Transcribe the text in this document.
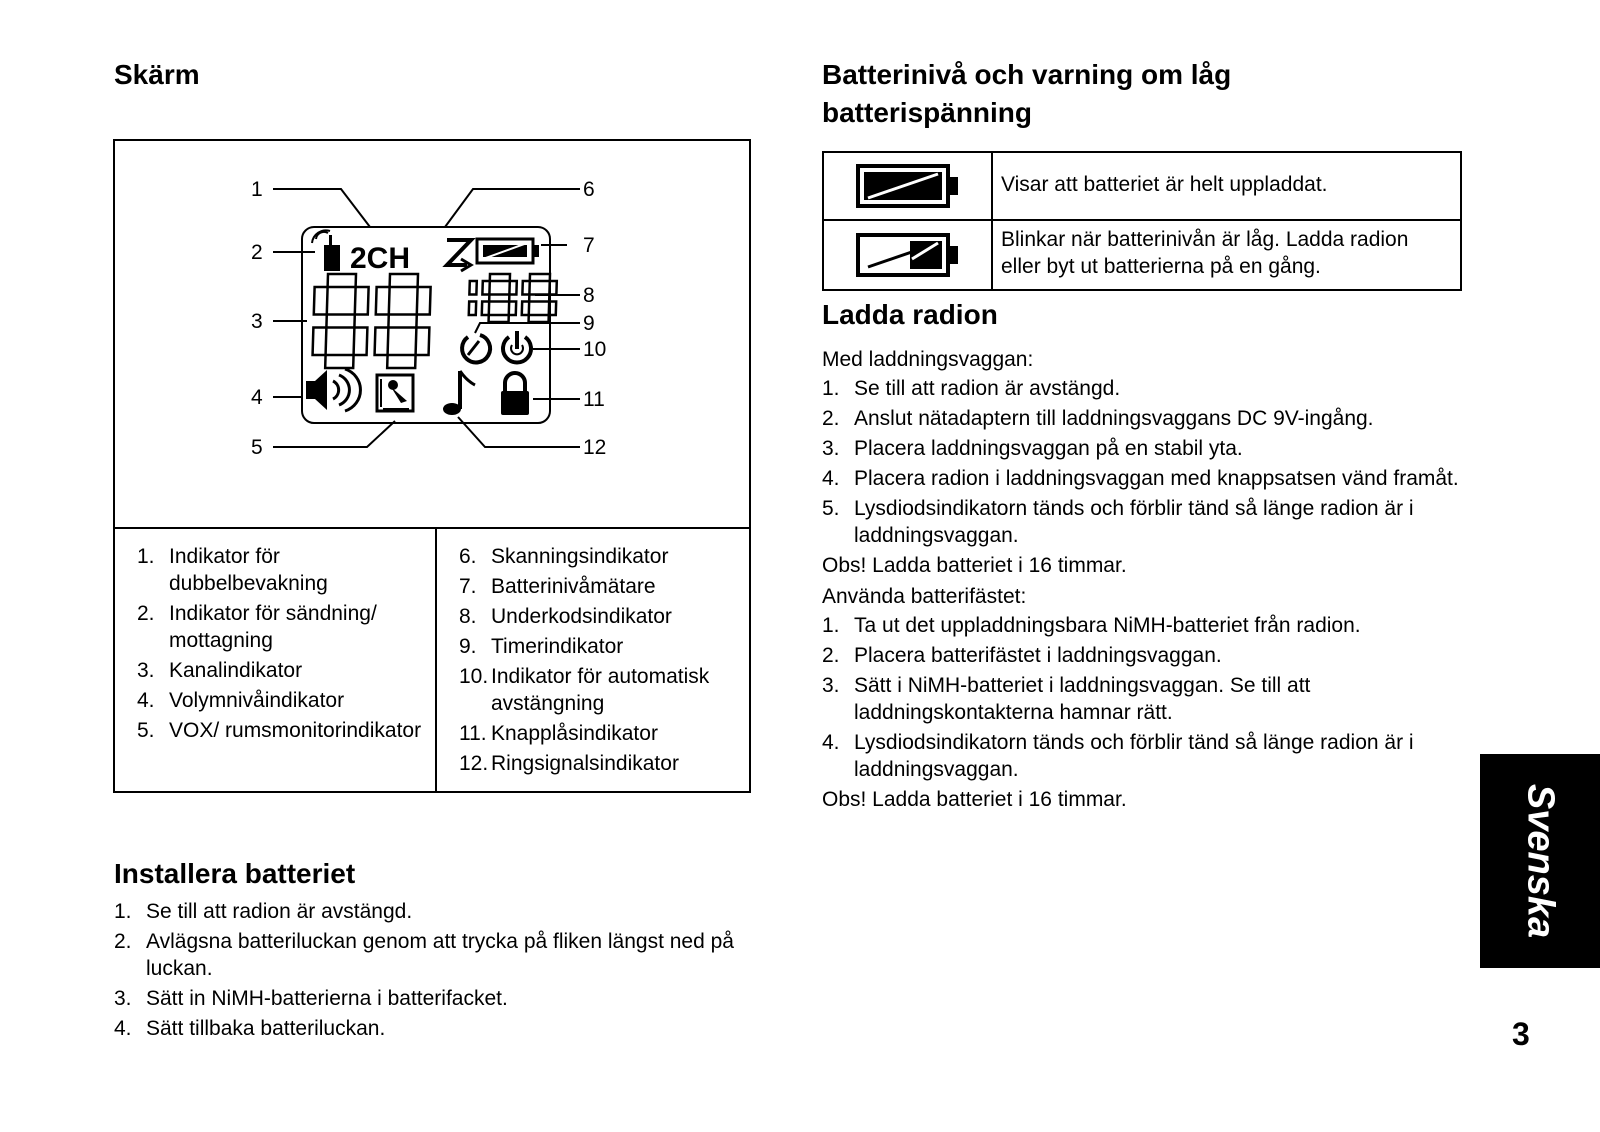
Skärm
2CH
1
2
3
4
5
6
7
8
9
10
11
12
1. Indikator för dubbelbevakning
2. Indikator för sändning/ mottagning
3. Kanalindikator
4. Volymnivåindikator
5. VOX/ rumsmonitorindikator
6. Skanningsindikator
7. Batterinivåmätare
8. Underkodsindikator
9. Timerindikator
10. Indikator för automatisk avstängning
11. Knapplåsindikator
12. Ringsignalsindikator
Installera batteriet
1. Se till att radion är avstängd.
2. Avlägsna batteriluckan genom att trycka på fliken längst ned på luckan.
3. Sätt in NiMH-batterierna i batterifacket.
4. Sätt tillbaka batteriluckan.
Batterinivå och varning om låg batterispänning
Visar att batteriet är helt uppladdat.
Blinkar när batterinivån är låg. Ladda radion eller byt ut batterierna på en gång.
Ladda radion

Med laddningsvaggan:

1. Se till att radion är avstängd.
2. Anslut nätadaptern till laddningsvaggans DC 9V-ingång.
3. Placera laddningsvaggan på en stabil yta.
4. Placera radion i laddningsvaggan med knappsatsen vänd framåt.
5. Lysdiodsindikatorn tänds och förblir tänd så länge radion är i laddningsvaggan.

Obs! Ladda batteriet i 16 timmar.

Använda batterifästet:

1. Ta ut det uppladdningsbara NiMH-batteriet från radion.
2. Placera batterifästet i laddningsvaggan.
3. Sätt i NiMH-batteriet i laddningsvaggan. Se till att laddningskontakterna hamnar rätt.
4. Lysdiodsindikatorn tänds och förblir tänd så länge radion är i laddningsvaggan.

Obs! Ladda batteriet i 16 timmar.	Svenska
3
